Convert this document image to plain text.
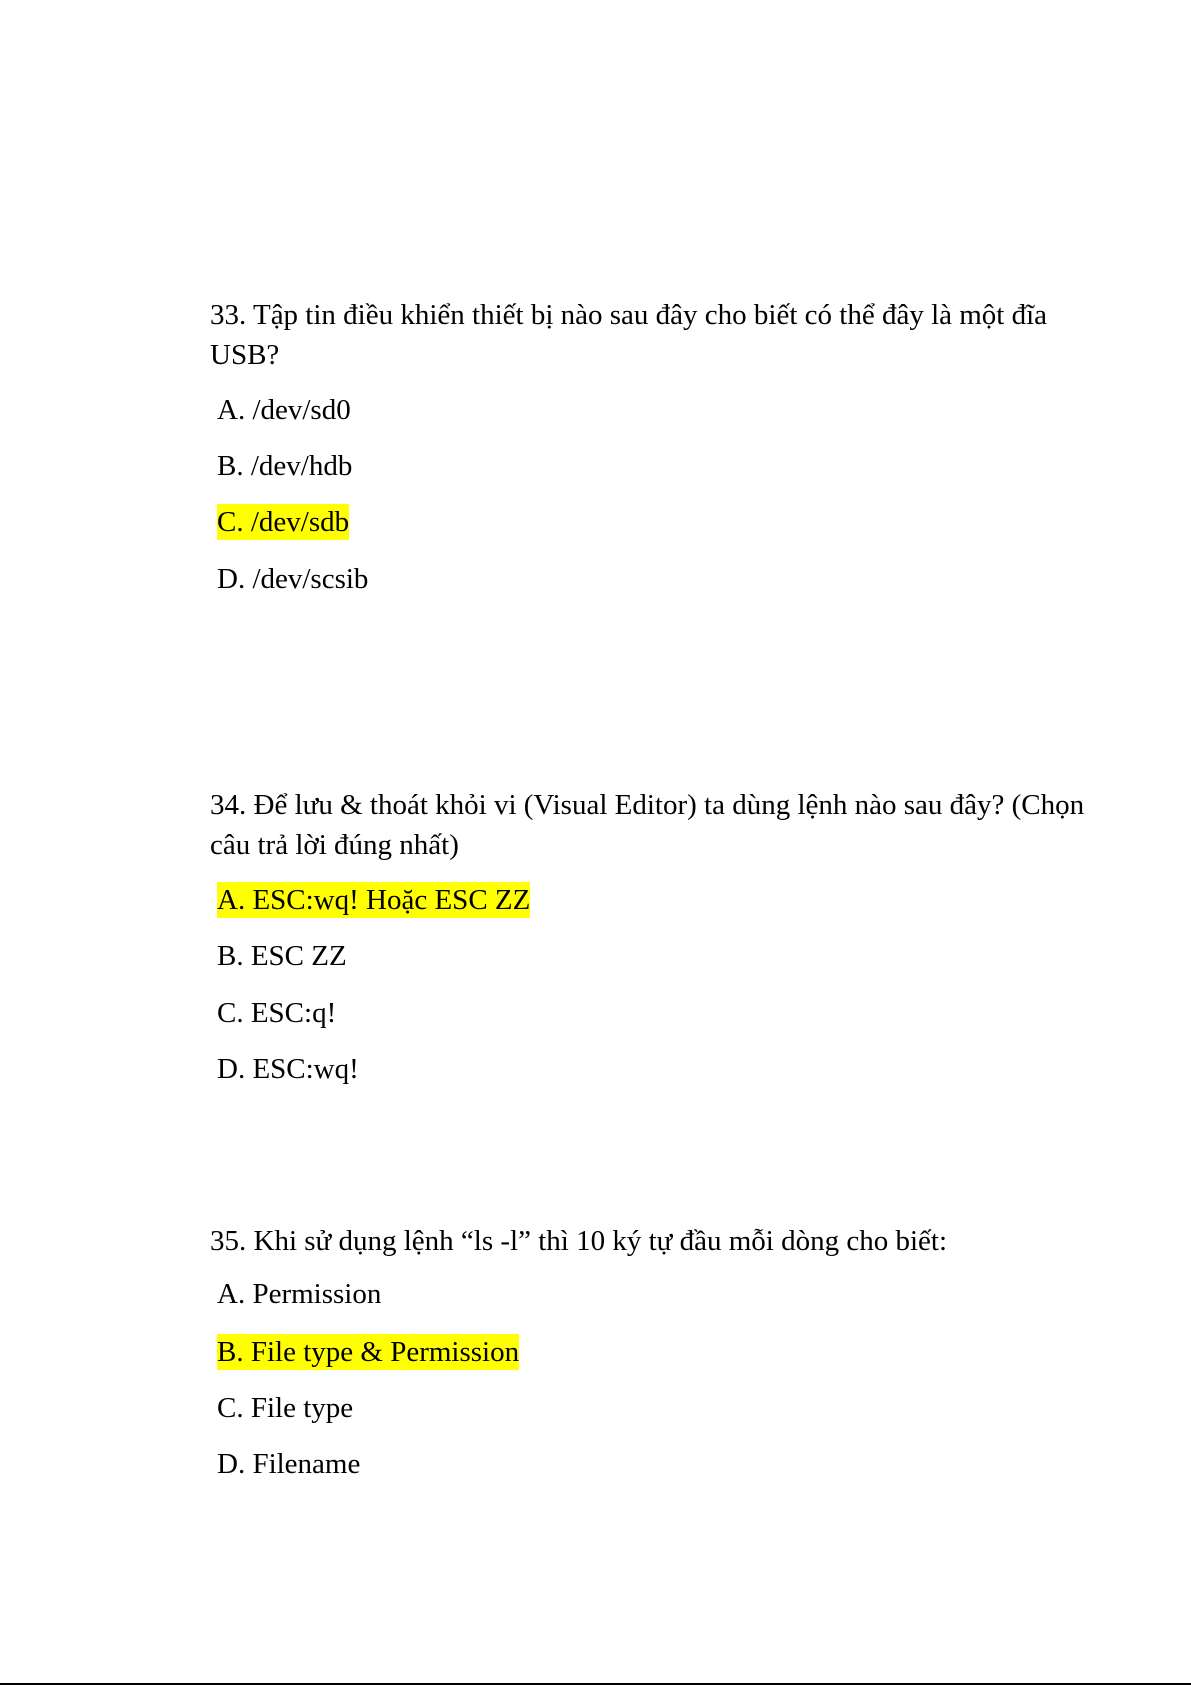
33. Tập tin điều khiển thiết bị nào sau đây cho biết có thể đây là một đĩa USB?

A. /dev/sd0
B. /dev/hdb
C. /dev/sdb
D. /dev/scsib

34. Để lưu & thoát khỏi vi (Visual Editor) ta dùng lệnh nào sau đây? (Chọn câu trả lời đúng nhất)

A. ESC:wq! Hoặc ESC ZZ
B. ESC ZZ
C. ESC:q!
D. ESC:wq!

35. Khi sử dụng lệnh “ls -l” thì 10 ký tự đầu mỗi dòng cho biết:

A. Permission
B. File type & Permission
C. File type
D. Filename
